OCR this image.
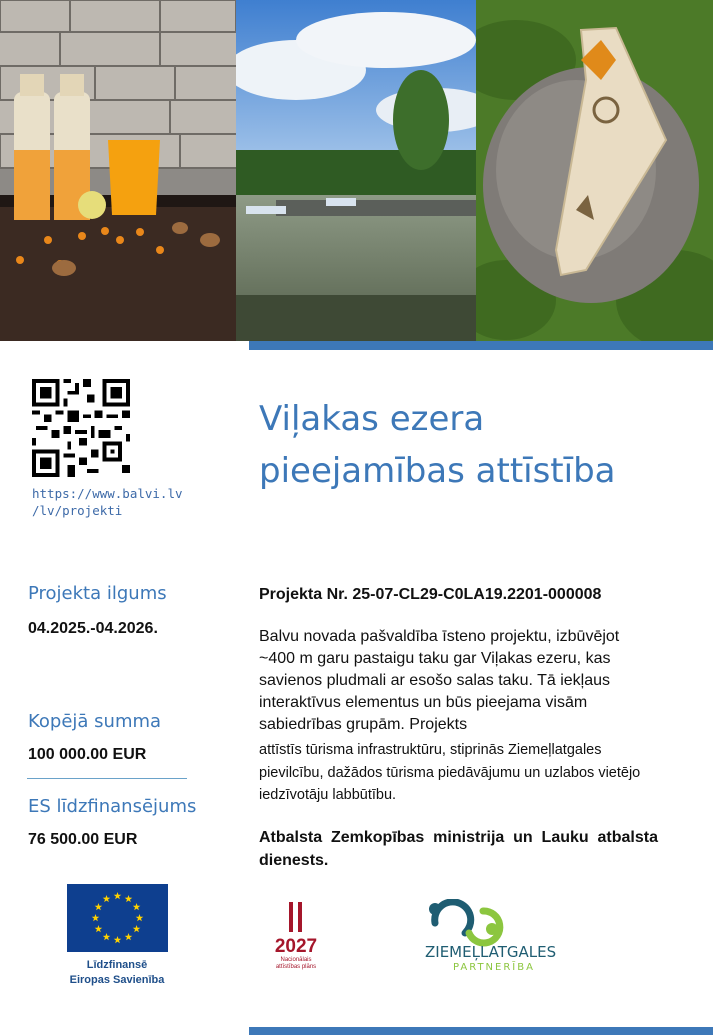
https://www.balvi.lv
/lv/projekti
Viļakas ezera pieejamības attīstība
Projekta ilgums
04.2025.-04.2026.
Kopējā summa
100 000.00 EUR
ES līdzfinansējums
76 500.00 EUR
Projekta Nr. 25-07-CL29-C0LA19.2201-000008
Balvu novada pašvaldība īsteno projektu, izbūvējot ~400 m garu pastaigu taku gar Viļakas ezeru, kas savienos pludmali ar esošo salas taku. Tā iekļaus interaktīvus elementus un būs pieejama visām sabiedrības grupām. Projekts
attīstīs tūrisma infrastruktūru, stiprinās Ziemeļlatgales pievilcību, dažādos tūrisma piedāvājumu un uzlabos vietējo iedzīvotāju labbūtību.
Atbalsta Zemkopības ministrija un Lauku atbalsta dienests.
Līdzfinansē
Eiropas Savienība
2027
Nacionālais
attīstības plāns
ZIEMEĻLATGALES
PARTNERĪBA
